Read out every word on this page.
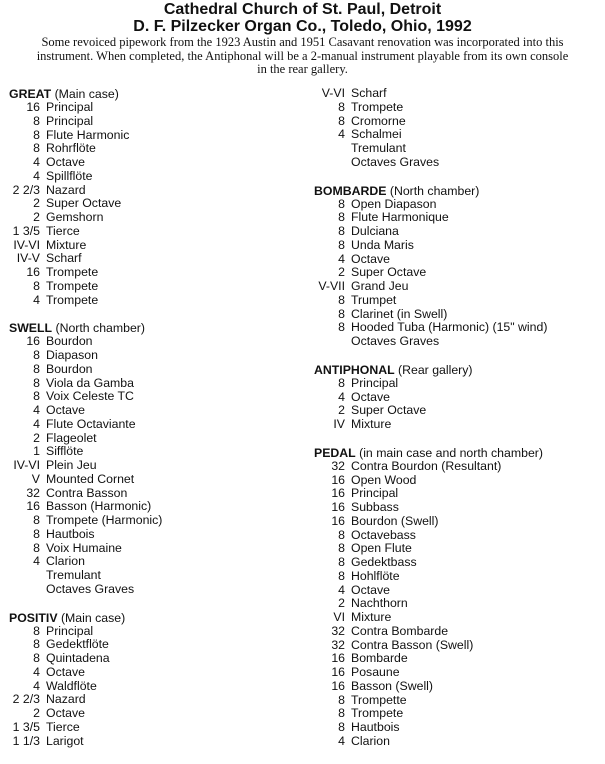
Cathedral Church of St. Paul, Detroit

D. F. Pilzecker Organ Co., Toledo, Ohio, 1992

Some revoiced pipework from the 1923 Austin and 1951 Casavant renovation was incorporated into this instrument. When completed, the Antiphonal will be a 2-manual instrument playable from its own console in the rear gallery.

GREAT (Main case)
16 Principal
8 Principal
8 Flute Harmonic
8 Rohrflöte
4 Octave
4 Spillflöte
2 2/3 Nazard
2 Super Octave
2 Gemshorn
1 3/5 Tierce
IV-VI Mixture
IV-V Scharf
16 Trompete
8 Trompete
4 Trompete
SWELL (North chamber)
16 Bourdon
8 Diapason
8 Bourdon
8 Viola da Gamba
8 Voix Celeste TC
4 Octave
4 Flute Octaviante
2 Flageolet
1 Sifflöte
IV-VI Plein Jeu
V Mounted Cornet
32 Contra Basson
16 Basson (Harmonic)
8 Trompete (Harmonic)
8 Hautbois
8 Voix Humaine
4 Clarion
Tremulant
Octaves Graves
POSITIV (Main case)
8 Principal
8 Gedektflöte
8 Quintadena
4 Octave
4 Waldflöte
2 2/3 Nazard
2 Octave
1 3/5 Tierce
1 1/3 Larigot
V-VI Scharf
8 Trompete
8 Cromorne
4 Schalmei
Tremulant
Octaves Graves
BOMBARDE (North chamber)
8 Open Diapason
8 Flute Harmonique
8 Dulciana
8 Unda Maris
4 Octave
2 Super Octave
V-VII Grand Jeu
8 Trumpet
8 Clarinet (in Swell)
8 Hooded Tuba (Harmonic) (15" wind)
Octaves Graves
ANTIPHONAL (Rear gallery)
8 Principal
4 Octave
2 Super Octave
IV Mixture
PEDAL (in main case and north chamber)
32 Contra Bourdon (Resultant)
16 Open Wood
16 Principal
16 Subbass
16 Bourdon (Swell)
8 Octavebass
8 Open Flute
8 Gedektbass
8 Hohlflöte
4 Octave
2 Nachthorn
VI Mixture
32 Contra Bombarde
32 Contra Basson (Swell)
16 Bombarde
16 Posaune
16 Basson (Swell)
8 Trompette
8 Trompete
8 Hautbois
4 Clarion
